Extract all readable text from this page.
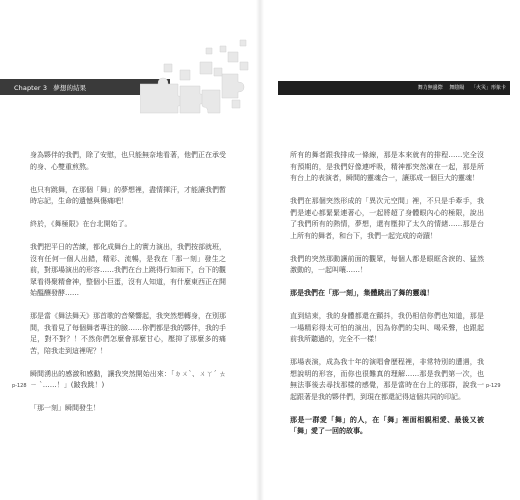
Chapter 3 夢想的結果	舞力無邊際 舞陰陽 「火災」形象卡

身為夥伴的我們，除了安慰，也只能無奈地看著，他們正在承受的身、心雙重煎熬。

也只有跳舞，在那個「舞」的夢想裡，盡情揮汗，才能讓我們暫時忘記，生命的遺憾與傷痛吧！

終於，《舞極限》在台北開始了。

我們把平日的苦練，都化成舞台上的實力演出，我們按部就班，沒有任何一個人出錯，精彩、流暢，是我在「那一刻」發生之前，對那場演出的形容……我們在台上跳得行如雨下，台下的觀眾看得聚精會神，整個小巨蛋，沒有人知道，有什麼東西正在開始醞釀發酵……

那是當《舞法舞天》那首歌的音樂響起，我突然想轉身，在別那間，我看見了每個舞者專注的臉……你們都是我的夥伴，我的手足，對不對？！不然你們怎麼會那麼甘心，壓抑了那麼多的痛苦，陪我走到這裡呢？！

瞬間湧出的感激和感動，讓我突然開始出來：「ㄉㄨˋ、ㄨㄚˊ ㄊㄧ ˋ……！」(跛我跳！)

「那一刻」瞬間發生！

所有的舞者跟我排成一條線，那是本來就有的排程……完全沒有預期的，是我們好像連呼吸，精神都突然凍在一起，那是所有台上的表演者，瞬間的靈魂合一，讓那成一個巨大的靈魂！

我們在那個突然形成的「異次元空間」裡，不只是手牽手，我們是連心都緊緊連著心，一起將超了身體眼內心的極限，說出了我們所有的熱情，夢想，還有壓抑了太久的情緒……那是台上所有的舞者，和台下，我們一起完成的奇蹟！

我們的突然那動讓前面的觀眾，每個人都是眼眶含淚的、猛然激動的，一起叫嚷……！

那是我們在「那一刻」，集體跳出了舞的靈魂！

直到結束，我的身體都還在顫抖，我仍相信你們也知道，那是一場精彩得太可怕的演出，因為你們的尖叫、喝采聲，也跟起前我所聽過的，完全不一樣！

那場表演，成為我十年的演唱會歷程裡，非常特別的遭遇，我想說明的形容，而你也很難真的理解……那是我們第一次，也無法事後去尋找那樣的感覺，那是當時在台上的那群，說我一起跟著是我的夥伴們，到現在都還記得這個共同的印記。

那是一群愛「舞」的人，在「舞」裡面相親相愛、最後又被「舞」愛了一回的故事。

p-128	p-129
